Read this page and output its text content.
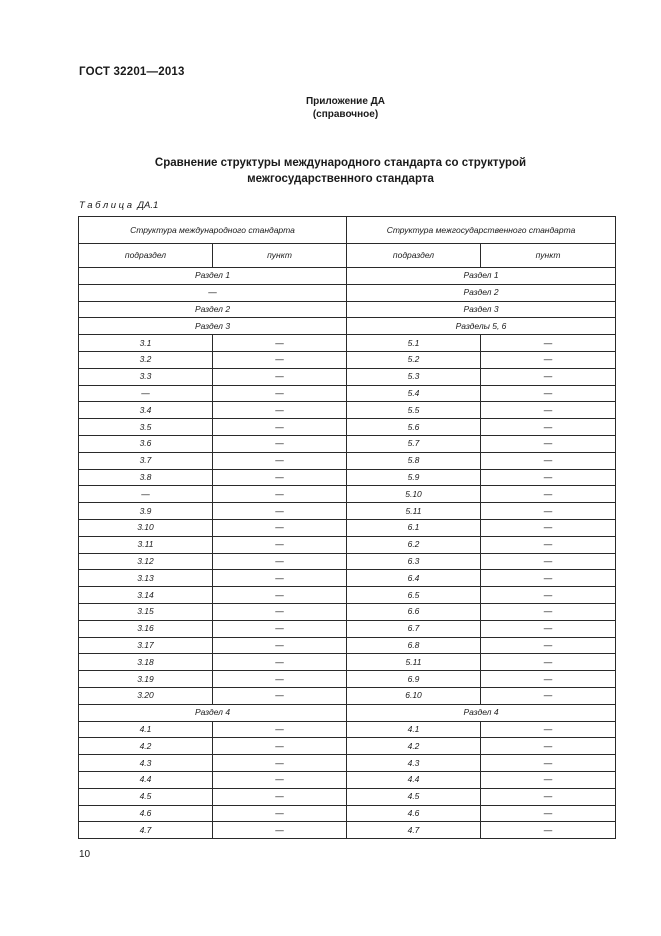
ГОСТ 32201—2013
Приложение ДА
(справочное)
Сравнение структуры международного стандарта со структурой
межгосударственного стандарта
Таблица ДА.1
Структура международного стандарта		Структура межгосударственного стандарта	
подраздел	пункт	подраздел	пункт
Раздел 1		Раздел 1	
—		Раздел 2	
Раздел 2		Раздел 3	
Раздел 3		Разделы 5, 6	
3.1	—	5.1	—
3.2	—	5.2	—
3.3	—	5.3	—
—	—	5.4	—
3.4	—	5.5	—
3.5	—	5.6	—
3.6	—	5.7	—
3.7	—	5.8	—
3.8	—	5.9	—
—	—	5.10	—
3.9	—	5.11	—
3.10	—	6.1	—
3.11	—	6.2	—
3.12	—	6.3	—
3.13	—	6.4	—
3.14	—	6.5	—
3.15	—	6.6	—
3.16	—	6.7	—
3.17	—	6.8	—
3.18	—	5.11	—
3.19	—	6.9	—
3.20	—	6.10	—
Раздел 4		Раздел 4	
4.1	—	4.1	—
4.2	—	4.2	—
4.3	—	4.3	—
4.4	—	4.4	—
4.5	—	4.5	—
4.6	—	4.6	—
4.7	—	4.7	—
10
